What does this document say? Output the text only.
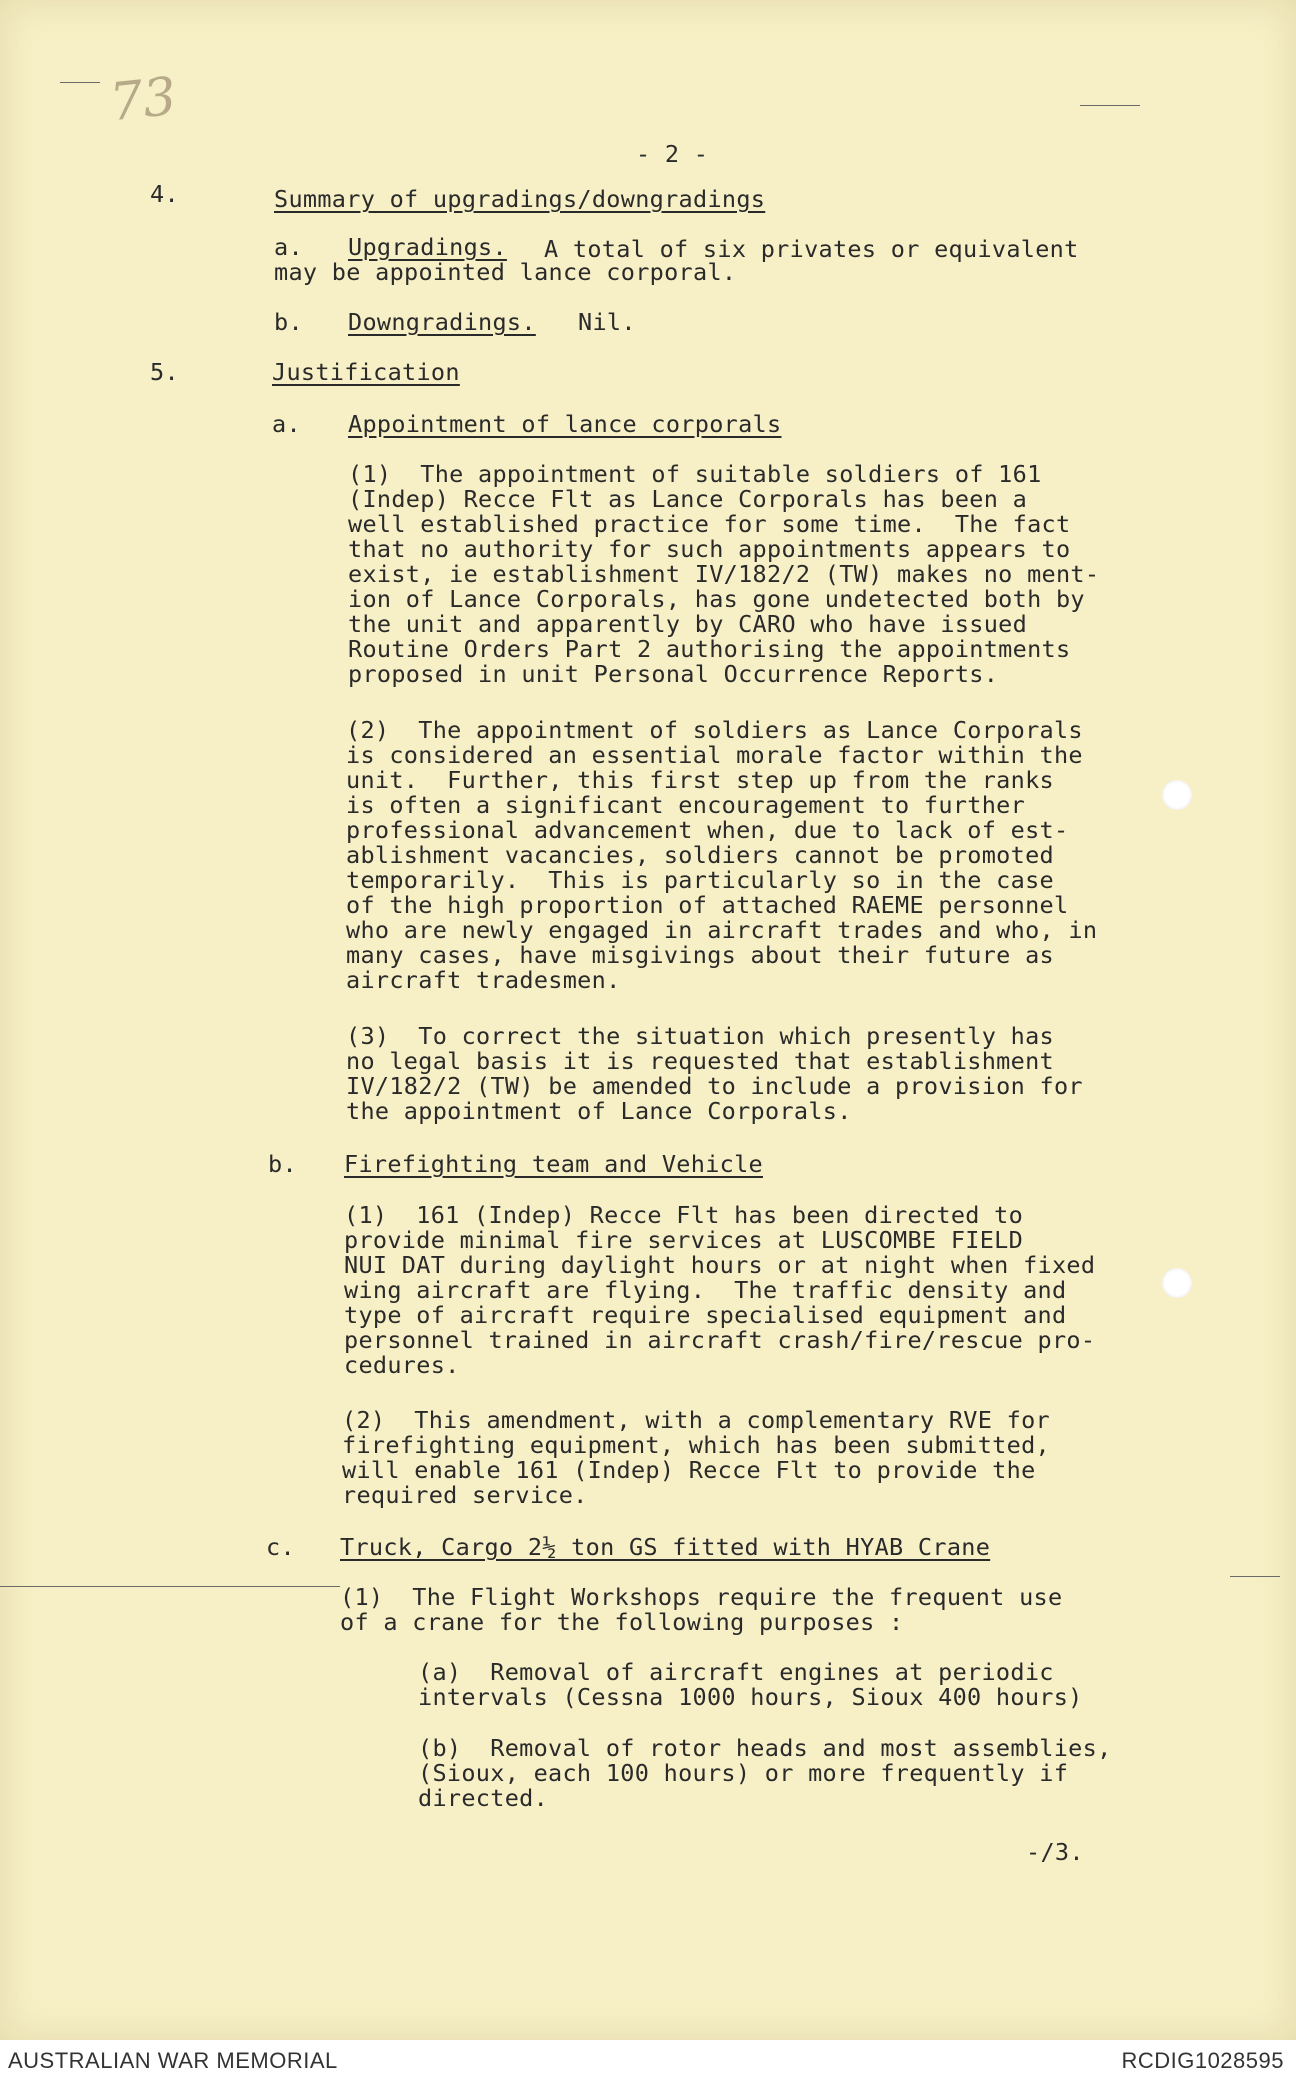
73
- 2 -
4.	Summary of upgradings/downgradings
a. Upgradings. A total of six privates or equivalent
may be appointed lance corporal.
b. Downgradings. Nil.
5.	Justification
a. Appointment of lance corporals
(1)  The appointment of suitable soldiers of 161
(Indep) Recce Flt as Lance Corporals has been a
well established practice for some time.  The fact
that no authority for such appointments appears to
exist, ie establishment IV/182/2 (TW) makes no ment-
ion of Lance Corporals, has gone undetected both by
the unit and apparently by CARO who have issued
Routine Orders Part 2 authorising the appointments
proposed in unit Personal Occurrence Reports.
(2)  The appointment of soldiers as Lance Corporals
is considered an essential morale factor within the
unit.  Further, this first step up from the ranks
is often a significant encouragement to further
professional advancement when, due to lack of est-
ablishment vacancies, soldiers cannot be promoted
temporarily.  This is particularly so in the case
of the high proportion of attached RAEME personnel
who are newly engaged in aircraft trades and who, in
many cases, have misgivings about their future as
aircraft tradesmen.
(3)  To correct the situation which presently has
no legal basis it is requested that establishment
IV/182/2 (TW) be amended to include a provision for
the appointment of Lance Corporals.
b. Firefighting team and Vehicle
(1)  161 (Indep) Recce Flt has been directed to
provide minimal fire services at LUSCOMBE FIELD
NUI DAT during daylight hours or at night when fixed
wing aircraft are flying.  The traffic density and
type of aircraft require specialised equipment and
personnel trained in aircraft crash/fire/rescue pro-
cedures.
(2)  This amendment, with a complementary RVE for
firefighting equipment, which has been submitted,
will enable 161 (Indep) Recce Flt to provide the
required service.
c. Truck, Cargo 2½ ton GS fitted with HYAB Crane
(1)  The Flight Workshops require the frequent use
of a crane for the following purposes :
(a)  Removal of aircraft engines at periodic
intervals (Cessna 1000 hours, Sioux 400 hours)
(b)  Removal of rotor heads and most assemblies,
(Sioux, each 100 hours) or more frequently if
directed.
-/3.
AUSTRALIAN WAR MEMORIAL	RCDIG1028595
